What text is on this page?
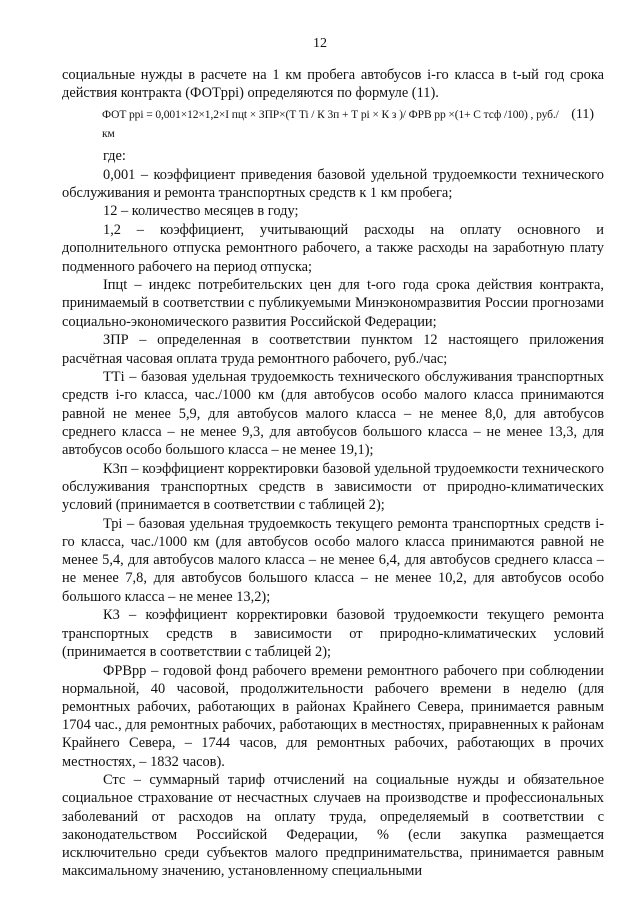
12

социальные нужды в расчете на 1 км пробега автобусов i-го класса в t-ый год срока действия контракта (ФОТppi) определяются по формуле (11).

ФОТ ppi = 0,001×12×1,2×I пцt × ЗПР×(Т Ti / К 3п + Т pi × К з )/ ФРВ pp ×(1+ С тсф /100) , руб./км
(11)

где:

0,001 – коэффициент приведения базовой удельной трудоемкости технического обслуживания и ремонта транспортных средств к 1 км пробега;

12 – количество месяцев в году;

1,2 – коэффициент, учитывающий расходы на оплату основного и дополнительного отпуска ремонтного рабочего, а также расходы на заработную плату подменного рабочего на период отпуска;

Iпцt – индекс потребительских цен для t-ого года срока действия контракта, принимаемый в соответствии с публикуемыми Минэкономразвития России прогнозами социально-экономического развития Российской Федерации;

ЗПР – определенная в соответствии пунктом 12 настоящего приложения расчётная часовая оплата труда ремонтного рабочего, руб./час;

ТТi – базовая удельная трудоемкость технического обслуживания транспортных средств i-го класса, час./1000 км (для автобусов особо малого класса принимаются равной не менее 5,9, для автобусов малого класса – не менее 8,0, для автобусов среднего класса – не менее 9,3, для автобусов большого класса – не менее 13,3, для автобусов особо большого класса – не менее 19,1);

К3п – коэффициент корректировки базовой удельной трудоемкости технического обслуживания транспортных средств в зависимости от природно-климатических условий (принимается в соответствии с таблицей 2);

Трi – базовая удельная трудоемкость текущего ремонта транспортных средств i-го класса, час./1000 км (для автобусов особо малого класса принимаются равной не менее 5,4, для автобусов малого класса – не менее 6,4, для автобусов среднего класса – не менее 7,8, для автобусов большого класса – не менее 10,2, для автобусов особо большого класса – не менее 13,2);

К3 – коэффициент корректировки базовой трудоемкости текущего ремонта транспортных средств в зависимости от природно-климатических условий (принимается в соответствии с таблицей 2);

ФРВрр – годовой фонд рабочего времени ремонтного рабочего при соблюдении нормальной, 40 часовой, продолжительности рабочего времени в неделю (для ремонтных рабочих, работающих в районах Крайнего Севера, принимается равным 1704 час., для ремонтных рабочих, работающих в местностях, приравненных к районам Крайнего Севера, – 1744 часов, для ремонтных рабочих, работающих в прочих местностях, – 1832 часов).

Стс – суммарный тариф отчислений на социальные нужды и обязательное социальное страхование от несчастных случаев на производстве и профессиональных заболеваний от расходов на оплату труда, определяемый в соответствии с законодательством Российской Федерации, % (если закупка размещается исключительно среди субъектов малого предпринимательства, принимается равным максимальному значению, установленному специальными
